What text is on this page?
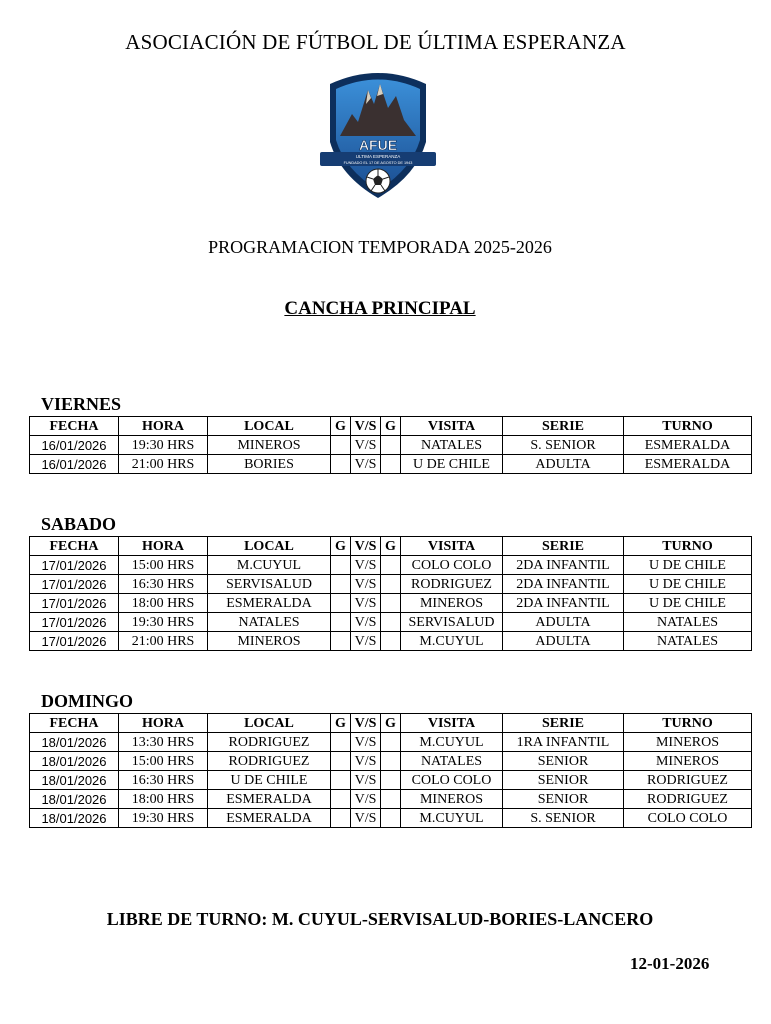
ASOCIACIÓN DE FÚTBOL DE ÚLTIMA ESPERANZA
AFUE
ULTIMA ESPERANZA
FUNDADO EL 17 DE AGOSTO DE 1943
PROGRAMACION TEMPORADA 2025-2026
CANCHA PRINCIPAL
VIERNES
FECHA	HORA	LOCAL	G	V/S	G	VISITA	SERIE	TURNO
16/01/2026	19:30 HRS	MINEROS		V/S		NATALES	S. SENIOR	ESMERALDA
16/01/2026	21:00 HRS	BORIES		V/S		U DE CHILE	ADULTA	ESMERALDA
SABADO
FECHA	HORA	LOCAL	G	V/S	G	VISITA	SERIE	TURNO
17/01/2026	15:00 HRS	M.CUYUL		V/S		COLO COLO	2DA INFANTIL	U DE CHILE
17/01/2026	16:30 HRS	SERVISALUD		V/S		RODRIGUEZ	2DA INFANTIL	U DE CHILE
17/01/2026	18:00 HRS	ESMERALDA		V/S		MINEROS	2DA INFANTIL	U DE CHILE
17/01/2026	19:30 HRS	NATALES		V/S		SERVISALUD	ADULTA	NATALES
17/01/2026	21:00 HRS	MINEROS		V/S		M.CUYUL	ADULTA	NATALES
DOMINGO
FECHA	HORA	LOCAL	G	V/S	G	VISITA	SERIE	TURNO
18/01/2026	13:30 HRS	RODRIGUEZ		V/S		M.CUYUL	1RA INFANTIL	MINEROS
18/01/2026	15:00 HRS	RODRIGUEZ		V/S		NATALES	SENIOR	MINEROS
18/01/2026	16:30 HRS	U DE CHILE		V/S		COLO COLO	SENIOR	RODRIGUEZ
18/01/2026	18:00 HRS	ESMERALDA		V/S		MINEROS	SENIOR	RODRIGUEZ
18/01/2026	19:30 HRS	ESMERALDA		V/S		M.CUYUL	S. SENIOR	COLO COLO
LIBRE DE TURNO: M. CUYUL-SERVISALUD-BORIES-LANCERO
12-01-2026
